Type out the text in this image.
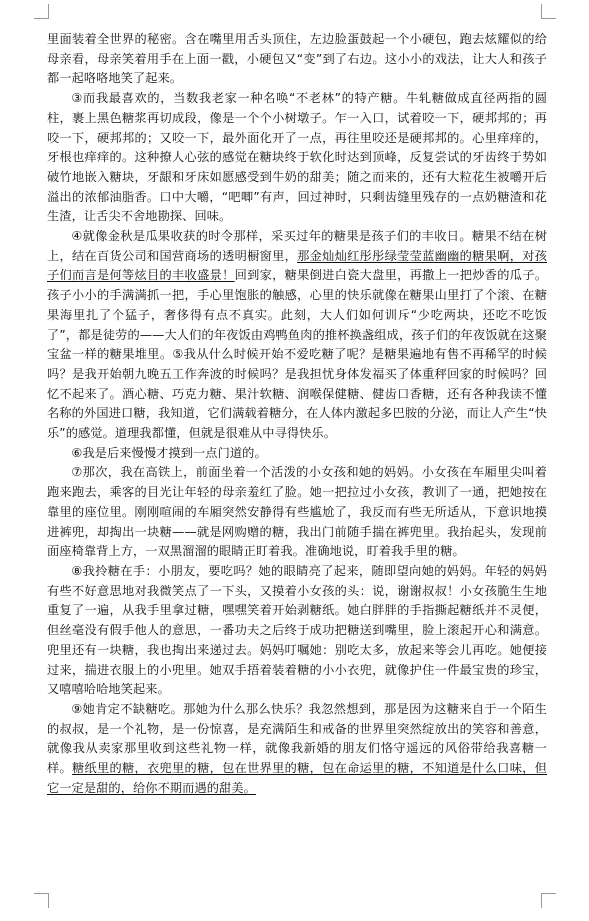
里面装着全世界的秘密。含在嘴里用舌头顶住，左边脸蛋鼓起一个小硬包，跑去炫耀似的给母亲看，母亲笑着用手在上面一戳，小硬包又“变”到了右边。这小小的戏法，让大人和孩子都一起咯咯地笑了起来。

③而我最喜欢的，当数我老家一种名唤“不老林”的特产糖。牛轧糖做成直径两指的圆柱，裹上黑色糖浆再切成段，像是一个个小树墩子。乍一入口，试着咬一下，硬邦邦的；再咬一下，硬邦邦的；又咬一下，最外面化开了一点，再往里咬还是硬邦邦的。心里痒痒的，牙根也痒痒的。这种撩人心弦的感觉在糖块终于软化时达到顶峰，反复尝试的牙齿终于势如破竹地嵌入糖块，牙龈和牙床如愿感受到牛奶的甜美；随之而来的，还有大粒花生被嚼开后溢出的浓郁油脂香。口中大嚼，“吧唧”有声，回过神时，只剩齿缝里残存的一点奶糖渣和花生渣，让舌尖不舍地勘探、回味。

④就像金秋是瓜果收获的时令那样，采买过年的糖果是孩子们的丰收日。糖果不结在树上，结在百货公司和国营商场的透明橱窗里，那金灿灿红彤彤绿莹莹蓝幽幽的糖果啊，对孩子们而言是何等炫目的丰收盛景！回到家，糖果倒进白瓷大盘里，再撒上一把炒香的瓜子。孩子小小的手满满抓一把，手心里饱胀的触感，心里的快乐就像在糖果山里打了个滚、在糖果海里扎了个猛子，奢侈得有点不真实。此刻，大人们如何训斥“少吃两块，还吃不吃饭了”，都是徒劳的——大人们的年夜饭由鸡鸭鱼肉的推杯换盏组成，孩子们的年夜饭就在这聚宝盆一样的糖果堆里。⑤我从什么时候开始不爱吃糖了呢？是糖果遍地有售不再稀罕的时候吗？是我开始朝九晚五工作奔波的时候吗？是我担忧身体发福买了体重秤回家的时候吗？回忆不起来了。酒心糖、巧克力糖、果汁软糖、润喉保健糖、健齿口香糖，还有各种我读不懂名称的外国进口糖，我知道，它们满载着糖分，在人体内激起多巴胺的分泌，而让人产生“快乐”的感觉。道理我都懂，但就是很难从中寻得快乐。

⑥我是后来慢慢才摸到一点门道的。

⑦那次，我在高铁上，前面坐着一个活泼的小女孩和她的妈妈。小女孩在车厢里尖叫着跑来跑去，乘客的目光让年轻的母亲羞红了脸。她一把拉过小女孩，教训了一通，把她按在靠里的座位里。刚刚喧闹的车厢突然安静得有些尴尬了，我反而有些无所适从，下意识地摸进裤兜，却掏出一块糖——就是网购赠的糖，我出门前随手揣在裤兜里。我抬起头，发现前面座椅靠背上方，一双黑溜溜的眼睛正盯着我。准确地说，盯着我手里的糖。

⑧我拎糖在手：小朋友，要吃吗？她的眼睛亮了起来，随即望向她的妈妈。年轻的妈妈有些不好意思地对我微笑点了一下头，又摸着小女孩的头：说，谢谢叔叔！小女孩脆生生地重复了一遍，从我手里拿过糖，嘿嘿笑着开始剥糖纸。她白胖胖的手指撕起糖纸并不灵便，但丝毫没有假手他人的意思，一番功夫之后终于成功把糖送到嘴里，脸上滚起开心和满意。兜里还有一块糖，我也掏出来递过去。妈妈叮嘱她：别吃太多，放起来等会儿再吃。她便接过来，揣进衣服上的小兜里。她双手捂着装着糖的小小衣兜，就像护住一件最宝贵的珍宝，又嘻嘻哈哈地笑起来。

⑨她肯定不缺糖吃。那她为什么那么快乐？我忽然想到，那是因为这糖来自于一个陌生的叔叔，是一个礼物，是一份惊喜，是充满陌生和戒备的世界里突然绽放出的笑容和善意，就像我从卖家那里收到这些礼物一样，就像我新婚的朋友们恪守遥远的风俗带给我喜糖一样。糖纸里的糖，衣兜里的糖，包在世界里的糖，包在命运里的糖，不知道是什么口味，但它一定是甜的，给你不期而遇的甜美。
